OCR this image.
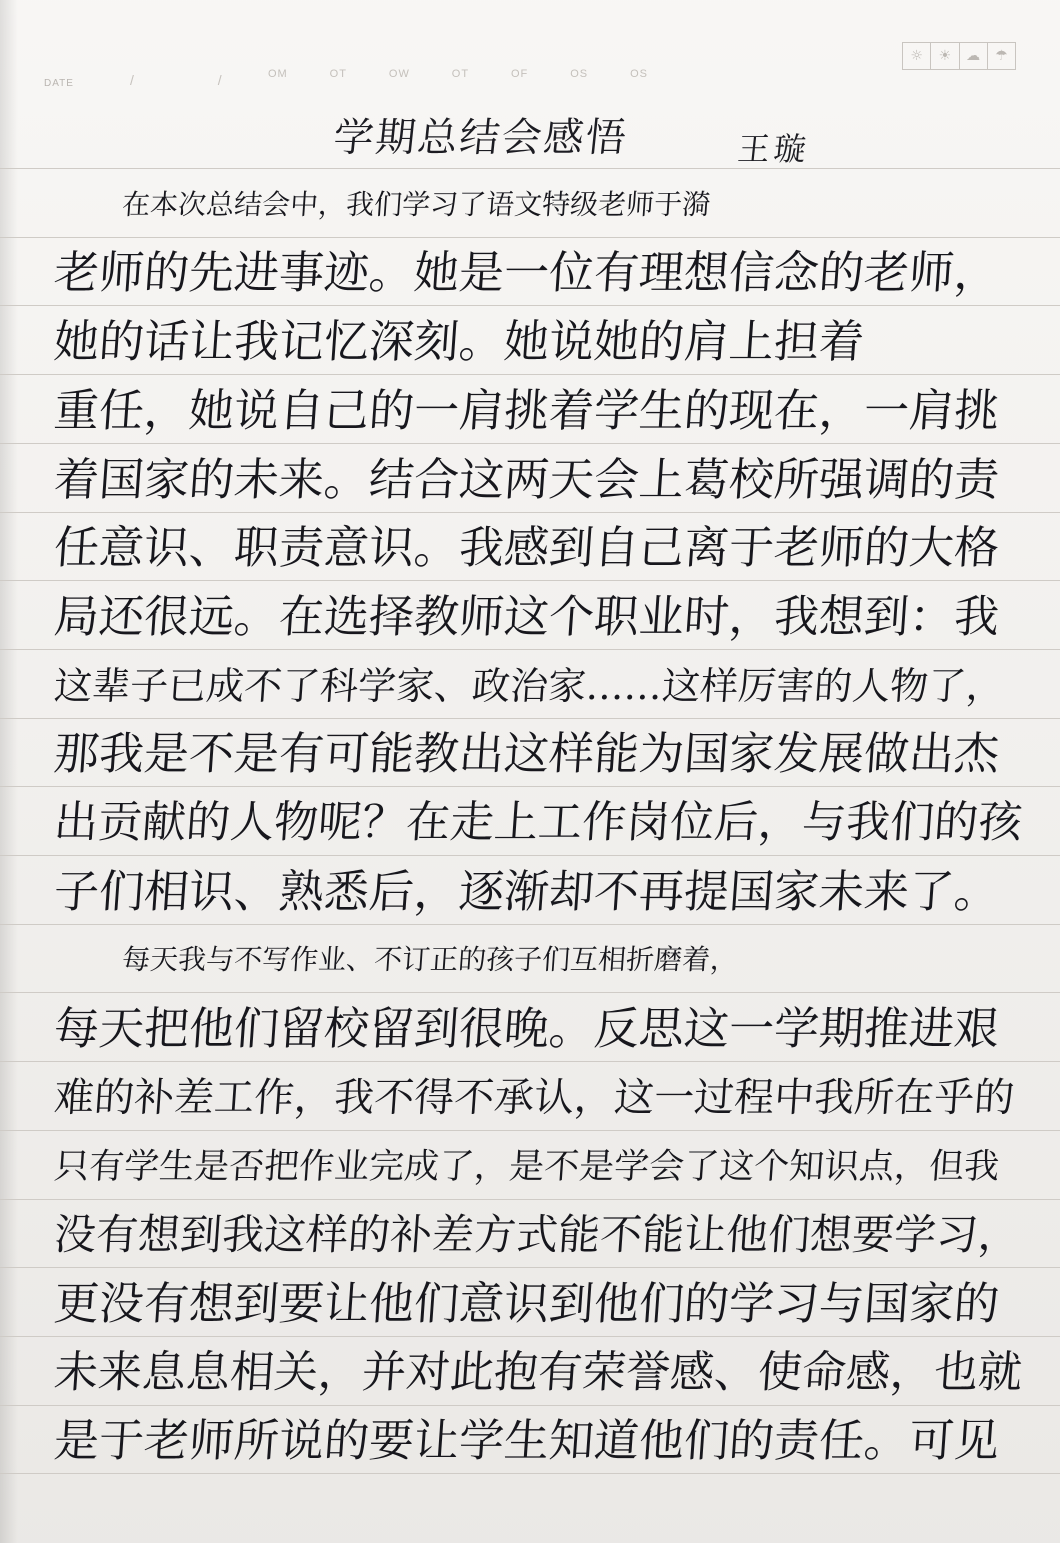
DATE	/ / OM	OT	OW	OT	OF	OS	OS
☼	☀	☁	☂
学期总结会感悟	王璇
在本次总结会中，我们学习了语文特级老师于漪
老师的先进事迹。她是一位有理想信念的老师，
她的话让我记忆深刻。她说她的肩上担着
重任，她说自己的一肩挑着学生的现在，一肩挑
着国家的未来。结合这两天会上葛校所强调的责
任意识、职责意识。我感到自己离于老师的大格
局还很远。在选择教师这个职业时，我想到：我
这辈子已成不了科学家、政治家……这样厉害的人物了，
那我是不是有可能教出这样能为国家发展做出杰
出贡献的人物呢？在走上工作岗位后，与我们的孩
子们相识、熟悉后，逐渐却不再提国家未来了。
每天我与不写作业、不订正的孩子们互相折磨着，
每天把他们留校留到很晚。反思这一学期推进艰
难的补差工作，我不得不承认，这一过程中我所在乎的
只有学生是否把作业完成了，是不是学会了这个知识点，但我
没有想到我这样的补差方式能不能让他们想要学习，
更没有想到要让他们意识到他们的学习与国家的
未来息息相关，并对此抱有荣誉感、使命感，也就
是于老师所说的要让学生知道他们的责任。可见
